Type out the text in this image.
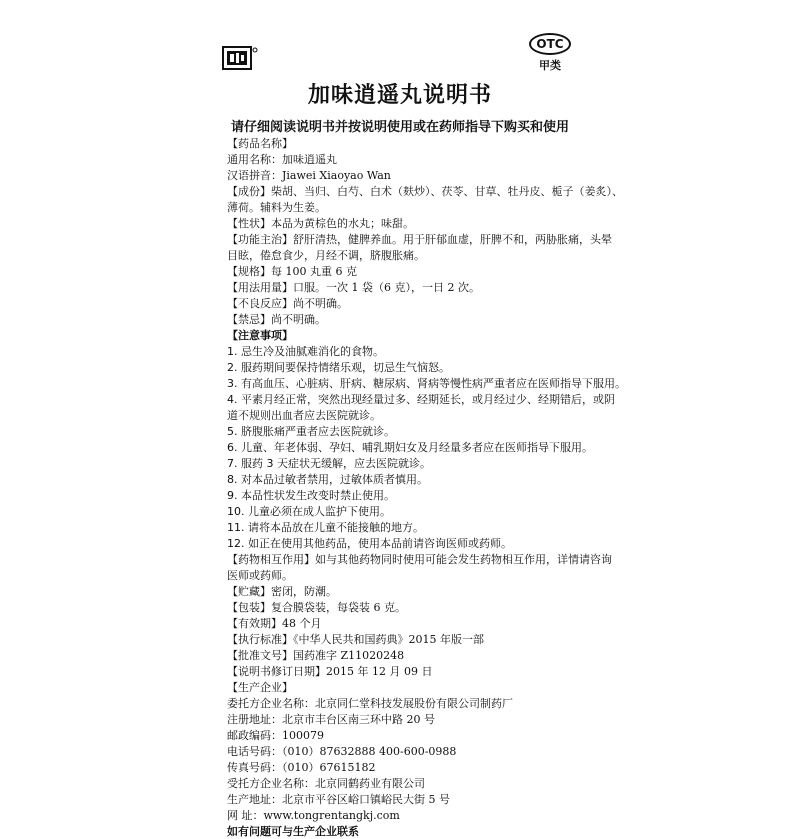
OTC
甲类
加味逍遥丸说明书
请仔细阅读说明书并按说明使用或在药师指导下购买和使用
【药品名称】
通用名称：加味逍遥丸
汉语拼音：Jiawei Xiaoyao Wan
【成份】柴胡、当归、白芍、白术（麸炒）、茯苓、甘草、牡丹皮、栀子（姜炙）、
薄荷。辅料为生姜。
【性状】本品为黄棕色的水丸；味甜。
【功能主治】舒肝清热，健脾养血。用于肝郁血虚，肝脾不和，两胁胀痛，头晕
目眩，倦怠食少，月经不调，脐腹胀痛。
【规格】每 100 丸重 6 克
【用法用量】口服。一次 1 袋（6 克），一日 2 次。
【不良反应】尚不明确。
【禁忌】尚不明确。
【注意事项】
1. 忌生冷及油腻难消化的食物。
2. 服药期间要保持情绪乐观，切忌生气恼怒。
3. 有高血压、心脏病、肝病、糖尿病、肾病等慢性病严重者应在医师指导下服用。
4. 平素月经正常，突然出现经量过多、经期延长，或月经过少、经期错后，或阴
道不规则出血者应去医院就诊。
5. 脐腹胀痛严重者应去医院就诊。
6. 儿童、年老体弱、孕妇、哺乳期妇女及月经量多者应在医师指导下服用。
7. 服药 3 天症状无缓解，应去医院就诊。
8. 对本品过敏者禁用，过敏体质者慎用。
9. 本品性状发生改变时禁止使用。
10. 儿童必须在成人监护下使用。
11. 请将本品放在儿童不能接触的地方。
12. 如正在使用其他药品，使用本品前请咨询医师或药师。
【药物相互作用】如与其他药物同时使用可能会发生药物相互作用，详情请咨询
医师或药师。
【贮藏】密闭，防潮。
【包装】复合膜袋装，每袋装 6 克。
【有效期】48 个月
【执行标准】《中华人民共和国药典》2015 年版一部
【批准文号】国药准字 Z11020248
【说明书修订日期】2015 年 12 月 09 日
【生产企业】
委托方企业名称：北京同仁堂科技发展股份有限公司制药厂
注册地址：北京市丰台区南三环中路 20 号
邮政编码：100079
电话号码：（010）87632888 400-600-0988
传真号码：（010）67615182
受托方企业名称：北京同鹤药业有限公司
生产地址：北京市平谷区峪口镇峪民大街 5 号
网 址：www.tongrentangkj.com
如有问题可与生产企业联系
